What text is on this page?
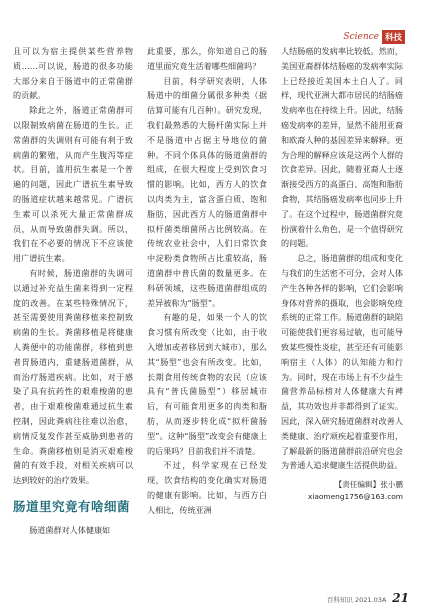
Science 科技

且可以为宿主提供某些营养物质……可以说，肠道的很多功能大部分来自于肠道中的正常菌群的贡献。

除此之外，肠道正常菌群可以限制致病菌在肠道的生长。正常菌群的失调则有可能有利于致病菌的繁殖，从而产生腹泻等症状。目前，滥用抗生素是一个普遍的问题，因此广谱抗生素导致的肠道症状越来越常见。广谱抗生素可以杀死大量正常菌群成员，从而导致菌群失调。所以，我们在不必要的情况下不应该使用广谱抗生素。

有时候，肠道菌群的失调可以通过补充益生菌来得到一定程度的改善。在某些特殊情况下，甚至需要使用粪菌移植来控制致病菌的生长。粪菌移植是将健康人粪便中的功能菌群，移植到患者胃肠道内，重建肠道菌群，从而治疗肠道疾病。比如，对于感染了具有抗药性的艰难梭菌的患者，由于艰难梭菌难通过抗生素控制，因此粪病往往难以治愈，病情反复发作甚至威胁到患者的生命。粪菌移植则是消灭艰难梭菌的有效手段，对相关疾病可以达到较好的治疗效果。

肠道里究竟有啥细菌

肠道菌群对人体健康如

此重要，那么，你知道自己的肠道里面究竟生活着哪些细菌吗？

目前，科学研究表明，人体肠道中的细菌分属很多种类（据估算可能有几百种）。研究发现，我们最熟悉的大肠杆菌实际上并不是肠道中占据主导地位的菌种。不同个体具体的肠道菌群的组成，在很大程度上受到饮食习惯的影响。比如，西方人的饮食以肉类为主，富含蛋白质、饱和脂肪，因此西方人的肠道菌群中拟杆菌类细菌所占比例较高。在传统农业社会中，人们日常饮食中淀粉类食物所占比重较高，肠道菌群中普氏菌的数量更多。在科研领域，这些肠道菌群组成的差异被称为“肠型”。

有趣的是，如果一个人的饮食习惯有所改变（比如，由于收入增加或者移居到大城市），那么其“肠型”也会有所改变。比如，长期食用传统食物的农民（应该具有“普氏菌肠型”）移居城市后，有可能食用更多的肉类和脂肪，从而逐步转化成“拟杆菌肠型”。这种“肠型”改变会有健康上的后果吗？目前我们并不清楚。

不过，科学家现在已经发现，饮食结构的变化确实对肠道的健康有影响。比如，与西方白人相比，传统亚洲

人结肠癌的发病率比较低。然而，美国亚裔群体结肠癌的发病率实际上已经接近美国本土白人了。同样，现代亚洲大都市居民的结肠癌发病率也在持续上升。因此，结肠癌发病率的差异，显然不能用亚裔和欧裔人种的基因差异来解释。更为合理的解释应该是这两个人群的饮食差异。因此，随着亚裔人士逐渐接受西方的高蛋白、高饱和脂肪食物，其结肠癌发病率也同步上升了。在这个过程中，肠道菌群究竟扮演着什么角色，是一个值得研究的问题。

总之，肠道菌群的组成和变化与我们的生活密不可分，会对人体产生各种各样的影响，它们会影响身体对营养的摄取，也会影响免疫系统的正常工作。肠道菌群的缺陷可能使我们更容易过敏，也可能导致某些慢性炎症，甚至还有可能影响宿主（人体）的认知能力和行为。同时，现在市场上有不少益生菌营养品标榜对人体健康大有裨益，其功效也并非都得到了证实。因此，深入研究肠道菌群对改善人类健康、治疗顽疾起着重要作用，了解最新的肠道菌群前沿研究也会为普通人追求健康生活提供助益。

【责任编辑】张小鹏
xiaomeng1756@163.com
百科知识 2021.03A 21
